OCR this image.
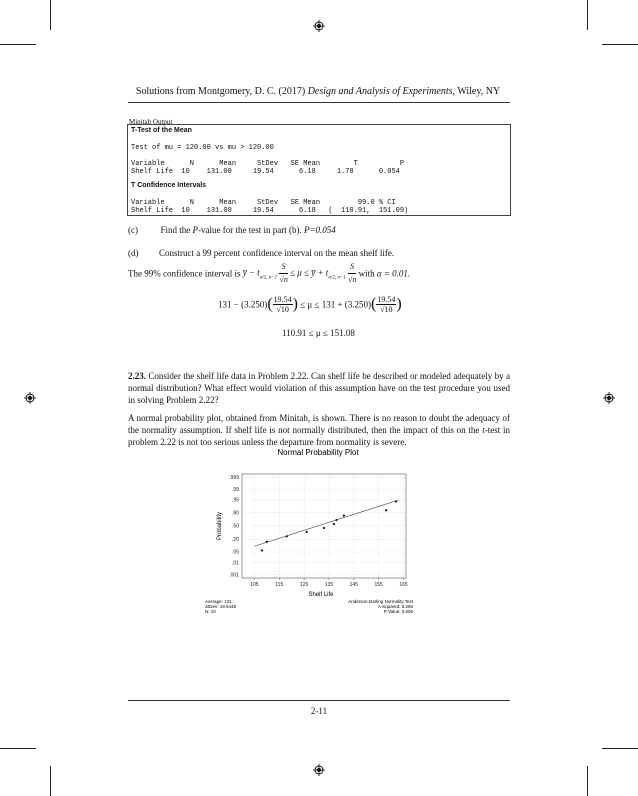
Solutions from Montgomery, D. C. (2017) Design and Analysis of Experiments, Wiley, NY
Minitab Output
T-Test of the Mean
Test of mu = 120.00 vs mu > 120.00
Variable      N      Mean     StDev   SE Mean        T          P
Shelf Life  10    131.00     19.54      6.18     1.78      0.054
T Confidence Intervals
Variable      N      Mean     StDev   SE Mean         99.0 % CI
Shelf Life  10    131.00     19.54      6.18   (  110.91,  151.09)
(c)	Find the P-value for the test in part (b). P=0.054
(d) Construct a 99 percent confidence interval on the mean shelf life.
The 99% confidence interval is y̅ − $t_{\alpha/2, n-1} \frac{S}{√n} \le \mu$ ≤ y̅ + $t_{\alpha/2, n-1} \frac{S}{√n}$ with α = 0.01.
$131 - (3.250)( \frac{19.54}{√10}$ ) ≤ $\mu \le 131 + (3.250)( \frac{19.54}{√10}$ )
110.91 ≤ μ ≤ 151.08
2.23. Consider the shelf life data in Problem 2.22. Can shelf life be described or modeled adequately by a normal distribution? What effect would violation of this assumption have on the test procedure you used in solving Problem 2.22?
A normal probability plot, obtained from Minitab, is shown. There is no reason to doubt the adequacy of the normality assumption. If shelf life is not normally distributed, then the impact of this on the t-test in problem 2.22 is not too serious unless the departure from normality is severe.
Normal Probability Plot
.999
.99
.95
.80
.50
.20
.05
.01
.001
105	115	125	135	145	155	165
Shelf Life
Probability
Average: 131
StDev: 19.5448
N: 10
Anderson-Darling Normality Test
A-Squared: 0.266
P-Value: 0.606
2-11
